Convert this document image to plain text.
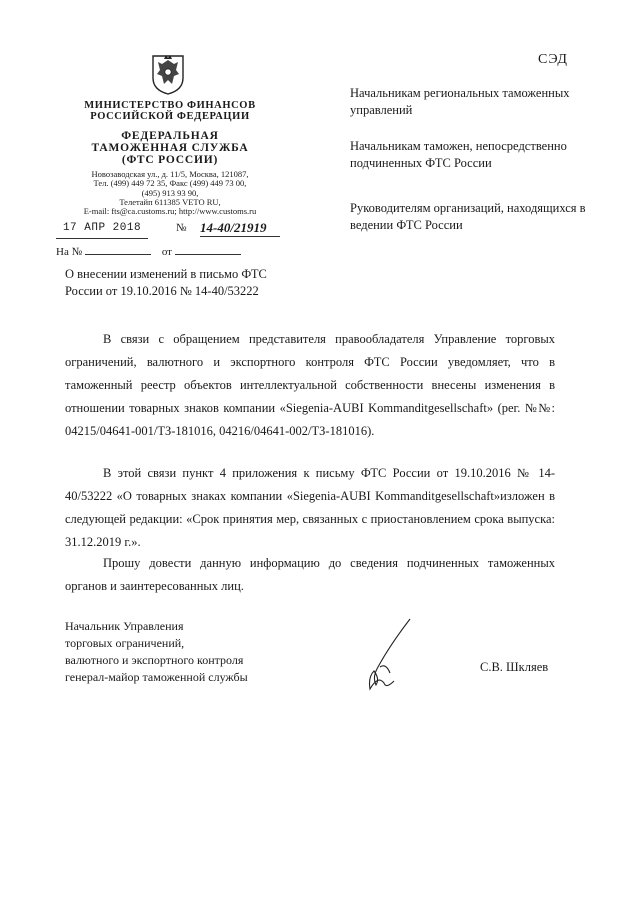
СЭД
МИНИСТЕРСТВО ФИНАНСОВ
РОССИЙСКОЙ ФЕДЕРАЦИИ
ФЕДЕРАЛЬНАЯ
ТАМОЖЕННАЯ СЛУЖБА
(ФТС РОССИИ)
Новозаводская ул., д. 11/5, Москва, 121087,
Тел. (499) 449 72 35, Факс (499) 449 73 00,
(495) 913 93 90,
Телетайп 611385 VETO RU,
E-mail: fts@ca.customs.ru; http://www.customs.ru
17 АПР 2018	№ 14-40/21919
На №	от
Начальникам региональных таможенных управлений
Начальникам таможен, непосредственно подчиненных ФТС России
Руководителям организаций, находящихся в ведении ФТС России
О внесении изменений в письмо ФТС России от 19.10.2016 № 14-40/53222
В связи с обращением представителя правообладателя Управление торговых ограничений, валютного и экспортного контроля ФТС России уведомляет, что в таможенный реестр объектов интеллектуальной собственности внесены изменения в отношении товарных знаков компании «Siegenia-AUBI Kommanditgesellschaft» (рег. №№: 04215/04641-001/ТЗ-181016, 04216/04641-002/ТЗ-181016).
В этой связи пункт 4 приложения к письму ФТС России от 19.10.2016 № 14-40/53222 «О товарных знаках компании «Siegenia-AUBI Kommanditgesellschaft»изложен в следующей редакции: «Срок принятия мер, связанных с приостановлением срока выпуска: 31.12.2019 г.».
Прошу довести данную информацию до сведения подчиненных таможенных органов и заинтересованных лиц.
Начальник Управления
торговых ограничений,
валютного и экспортного контроля
генерал-майор таможенной службы
С.В. Шкляев
